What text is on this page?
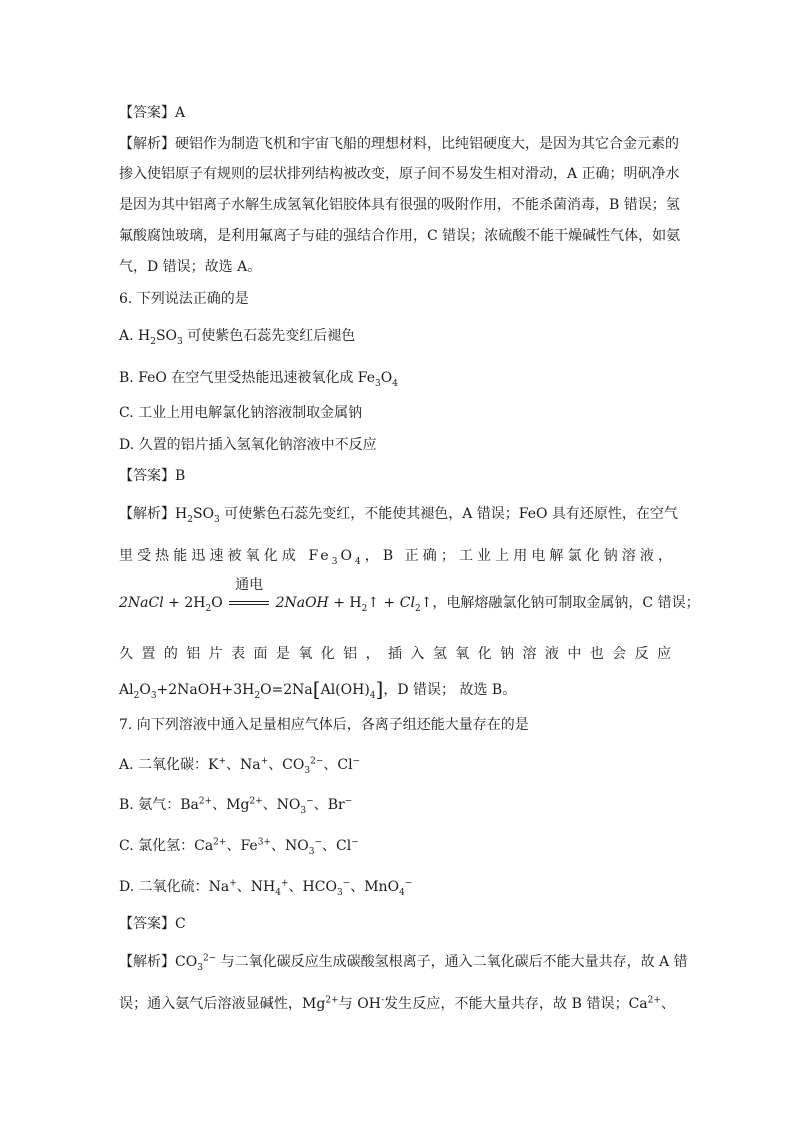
【答案】A
【解析】硬铝作为制造飞机和宇宙飞船的理想材料，比纯铝硬度大，是因为其它合金元素的
掺入使铝原子有规则的层状排列结构被改变，原子间不易发生相对滑动，A 正确；明矾净水
是因为其中铝离子水解生成氢氧化铝胶体具有很强的吸附作用，不能杀菌消毒，B 错误；氢
氟酸腐蚀玻璃，是利用氟离子与硅的强结合作用，C 错误；浓硫酸不能干燥碱性气体，如氨
气，D 错误；故选 A。
6. 下列说法正确的是
A. $H_2SO_3$ 可使紫色石蕊先变红后褪色
B. FeO 在空气里受热能迅速被氧化成 $Fe_3O_4$
C. 工业上用电解氯化钠溶液制取金属钠
D. 久置的铝片插入氢氧化钠溶液中不反应
【答案】B
【解析】$H_2SO_3$ 可使紫色石蕊先变红，不能使其褪色，A 错误；FeO 具有还原性，在空气
里受热能迅速被氧化成 $Fe_3O_4$，B 正确；工业上用电解氯化钠溶液，
2NaCl + $2H_2O$
通电
2NaOH + $H_2↑$ + $Cl_2↑$，电解熔融氯化钠可制取金属钠，C 错误；
久置的铝片表面是氧化铝，插入氢氧化钠溶液中也会反应
$Al_2O_3+2NaOH+3H_2O=2Na[Al(OH)_4]$，D 错误； 故选 B。
7. 向下列溶液中通入足量相应气体后，各离子组还能大量存在的是
A. 二氧化碳：K+、Na+、$CO_3^{2-}$、Cl−
B. 氨气：$Ba^{2+}$、$Mg^{2+}$、$NO_3^-$、Br−
C. 氯化氢：$Ca^{2+}$、$Fe^{3+}$、$NO_3^-$、Cl−
D. 二氧化硫：Na+、$NH_4^+$、$HCO_3^-$、MnO$_4$−
【答案】C
【解析】$CO_3^{2-}$ 与二氧化碳反应生成碳酸氢根离子，通入二氧化碳后不能大量共存，故 A 错
误；通入氨气后溶液显碱性，$Mg^{2+}$与 OH-发生反应，不能大量共存，故 B 错误；$Ca^{2+}$、
